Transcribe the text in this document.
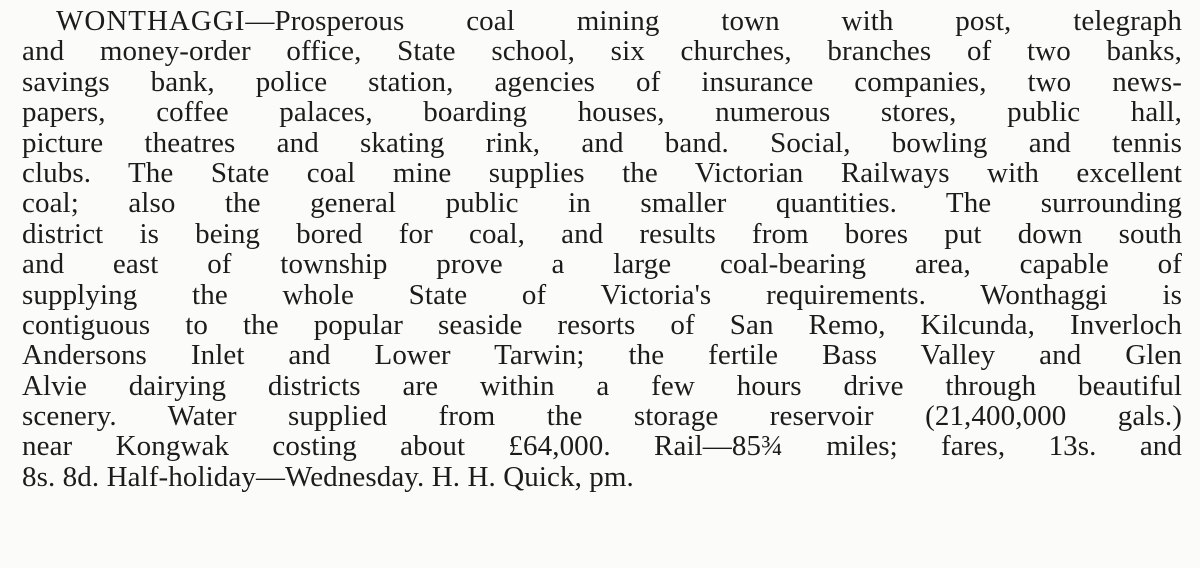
WONTHAGGI—Prosperous coal mining town with post, telegraph
and money-order office, State school, six churches, branches of two banks,
savings bank, police station, agencies of insurance companies, two news-
papers, coffee palaces, boarding houses, numerous stores, public hall,
picture theatres and skating rink, and band. Social, bowling and tennis
clubs. The State coal mine supplies the Victorian Railways with excellent
coal; also the general public in smaller quantities. The surrounding
district is being bored for coal, and results from bores put down south
and east of township prove a large coal-bearing area, capable of
supplying the whole State of Victoria's requirements. Wonthaggi is
contiguous to the popular seaside resorts of San Remo, Kilcunda, Inverloch
Andersons Inlet and Lower Tarwin; the fertile Bass Valley and Glen
Alvie dairying districts are within a few hours drive through beautiful
scenery. Water supplied from the storage reservoir (21,400,000 gals.)
near Kongwak costing about £64,000. Rail—85¾ miles; fares, 13s. and
8s. 8d. Half-holiday—Wednesday. H. H. Quick, pm.
